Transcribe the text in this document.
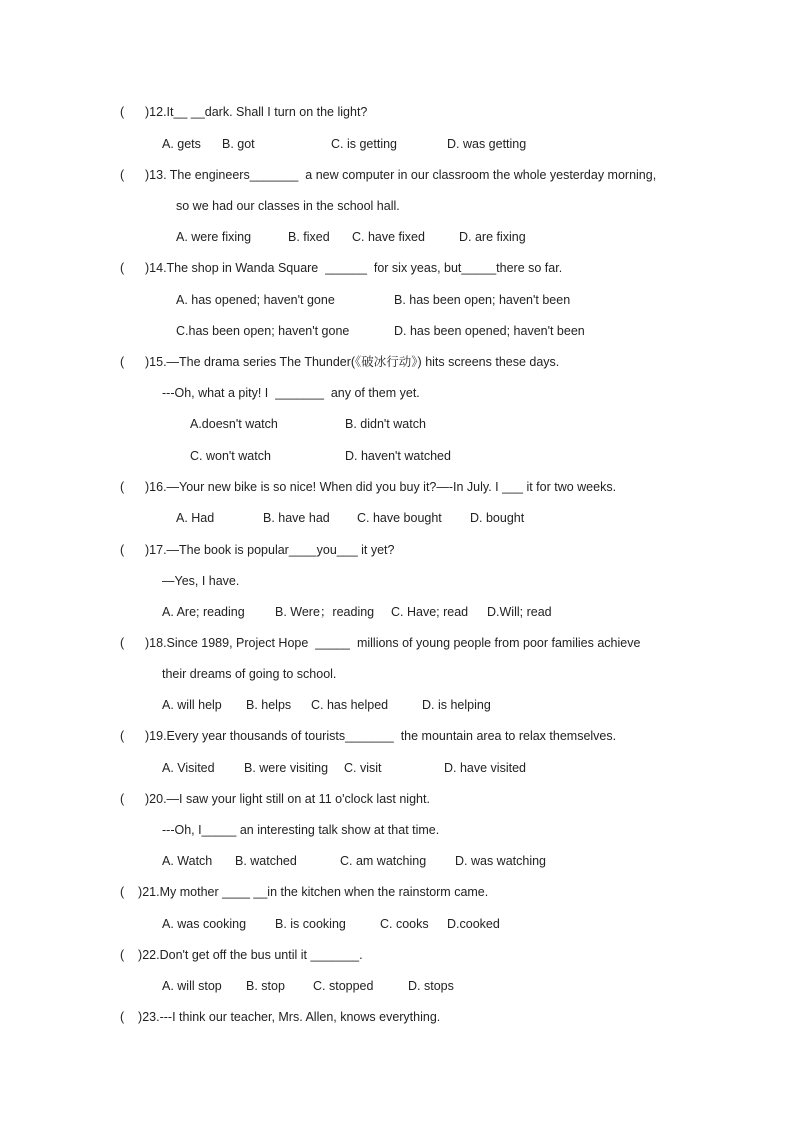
(      )12.It__ __dark. Shall I turn on the light?
A. gets B. got	C. is getting	D. was getting
(      )13. The engineers_______  a new computer in our classroom the whole yesterday morning,
so we had our classes in the school hall.
A. were fixing	B. fixed C. have fixed	D. are fixing
(      )14.The shop in Wanda Square  ______  for six yeas, but_____there so far.
A. has opened; haven't gone	B. has been open; haven't been
C.has been open; haven't gone	D. has been opened; haven't been
(      )15.—The drama series The Thunder(《破冰行动》) hits screens these days.
---Oh, what a pity! I  _______  any of them yet.
A.doesn't watch	B. didn't watch
C. won't watch	D. haven't watched
(      )16.—Your new bike is so nice! When did you buy it?—-In July. I ___ it for two weeks.
A. Had	B. have had C. have bought D. bought
(      )17.—The book is popular____you___ it yet?
—Yes, I have.
A. Are; reading B. Were；reading C. Have; read D.Will; read
(      )18.Since 1989, Project Hope  _____  millions of young people from poor families achieve
their dreams of going to school.
A. will help B. helps C. has helped	D. is helping
(      )19.Every year thousands of tourists_______  the mountain area to relax themselves.
A. Visited B. were visiting C. visit	D. have visited
(      )20.—I saw your light still on at 11 o'clock last night.
---Oh, I_____ an interesting talk show at that time.
A. Watch B. watched	C. am watching D. was watching
(    )21.My mother ____ __in the kitchen when the rainstorm came.
A. was cooking B. is cooking	C. cooks D.cooked
(    )22.Don't get off the bus until it _______.
A. will stop B. stop C. stopped	D. stops
(    )23.---I think our teacher, Mrs. Allen, knows everything.
